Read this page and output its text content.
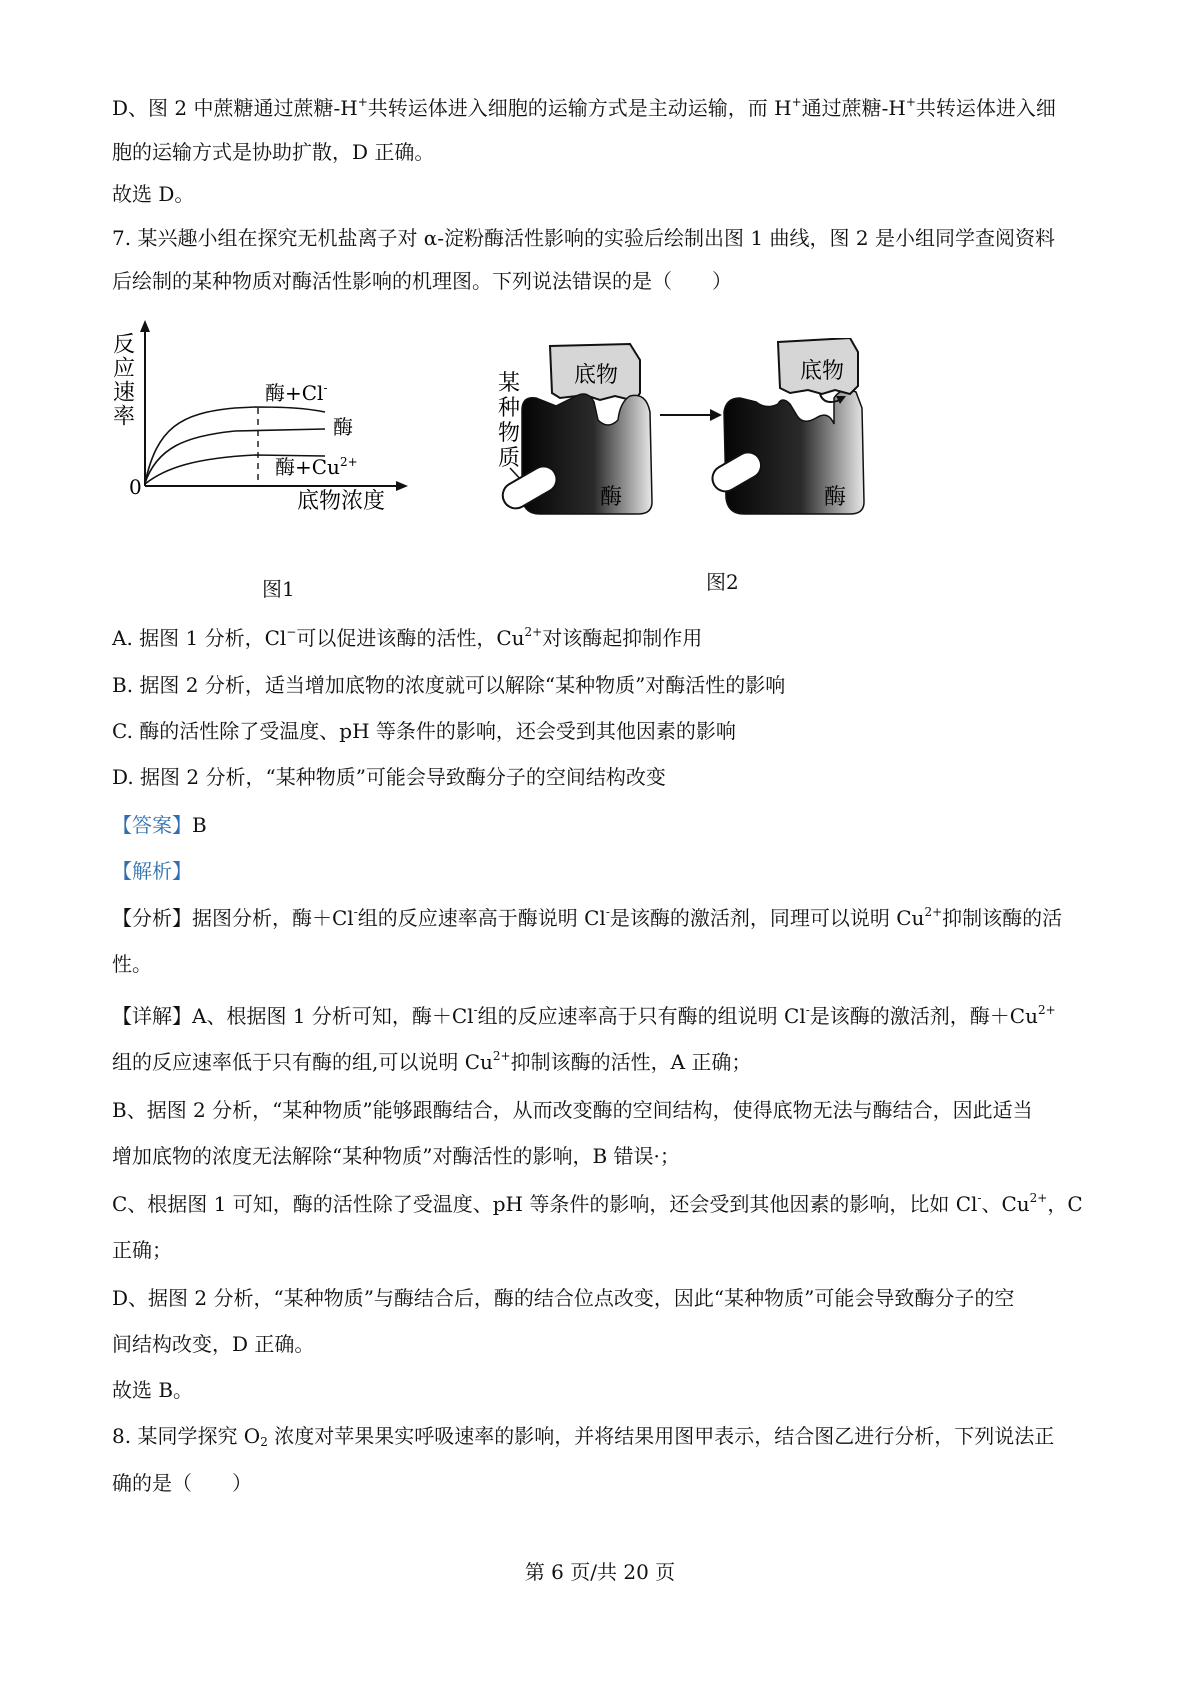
D、图 2 中蔗糖通过蔗糖-H+共转运体进入细胞的运输方式是主动运输，而 H+通过蔗糖-H+共转运体进入细
胞的运输方式是协助扩散，D 正确。
故选 D。
7. 某兴趣小组在探究无机盐离子对 α-淀粉酶活性影响的实验后绘制出图 1 曲线，图 2 是小组同学查阅资料
后绘制的某种物质对酶活性影响的机理图。下列说法错误的是（　　）
反应速率
0
底物浓度
酶+Cl-
酶
酶$+Cu^{2+}$
图1
某
种
物
质
底物
酶	酶
底物
图2
A. 据图 1 分析，Cl−可以促进该酶的活性，$Cu^{2+}$对该酶起抑制作用
B. 据图 2 分析，适当增加底物的浓度就可以解除“某种物质”对酶活性的影响
C. 酶的活性除了受温度、pH 等条件的影响，还会受到其他因素的影响
D. 据图 2 分析，“某种物质”可能会导致酶分子的空间结构改变
【答案】B
【解析】
【分析】据图分析，酶＋Cl-组的反应速率高于酶说明 Cl-是该酶的激活剂，同理可以说明 $Cu^{2+}$抑制该酶的活
性。
【详解】A、根据图 1 分析可知，酶＋Cl-组的反应速率高于只有酶的组说明 Cl-是该酶的激活剂，酶$+Cu^{2+}$
组的反应速率低于只有酶的组,可以说明 $Cu^{2+}$抑制该酶的活性，A 正确；
B、据图 2 分析，“某种物质”能够跟酶结合，从而改变酶的空间结构，使得底物无法与酶结合，因此适当
增加底物的浓度无法解除“某种物质”对酶活性的影响，B 错误·；
C、根据图 1 可知，酶的活性除了受温度、pH 等条件的影响，还会受到其他因素的影响，比如 Cl-、$Cu^{2+}$，C
正确；
D、据图 2 分析，“某种物质”与酶结合后，酶的结合位点改变，因此“某种物质”可能会导致酶分子的空
间结构改变，D 正确。
故选 B。
8. 某同学探究 $O_2$ 浓度对苹果果实呼吸速率的影响，并将结果用图甲表示，结合图乙进行分析，下列说法正
确的是（　　）
第 6 页/共 20 页
